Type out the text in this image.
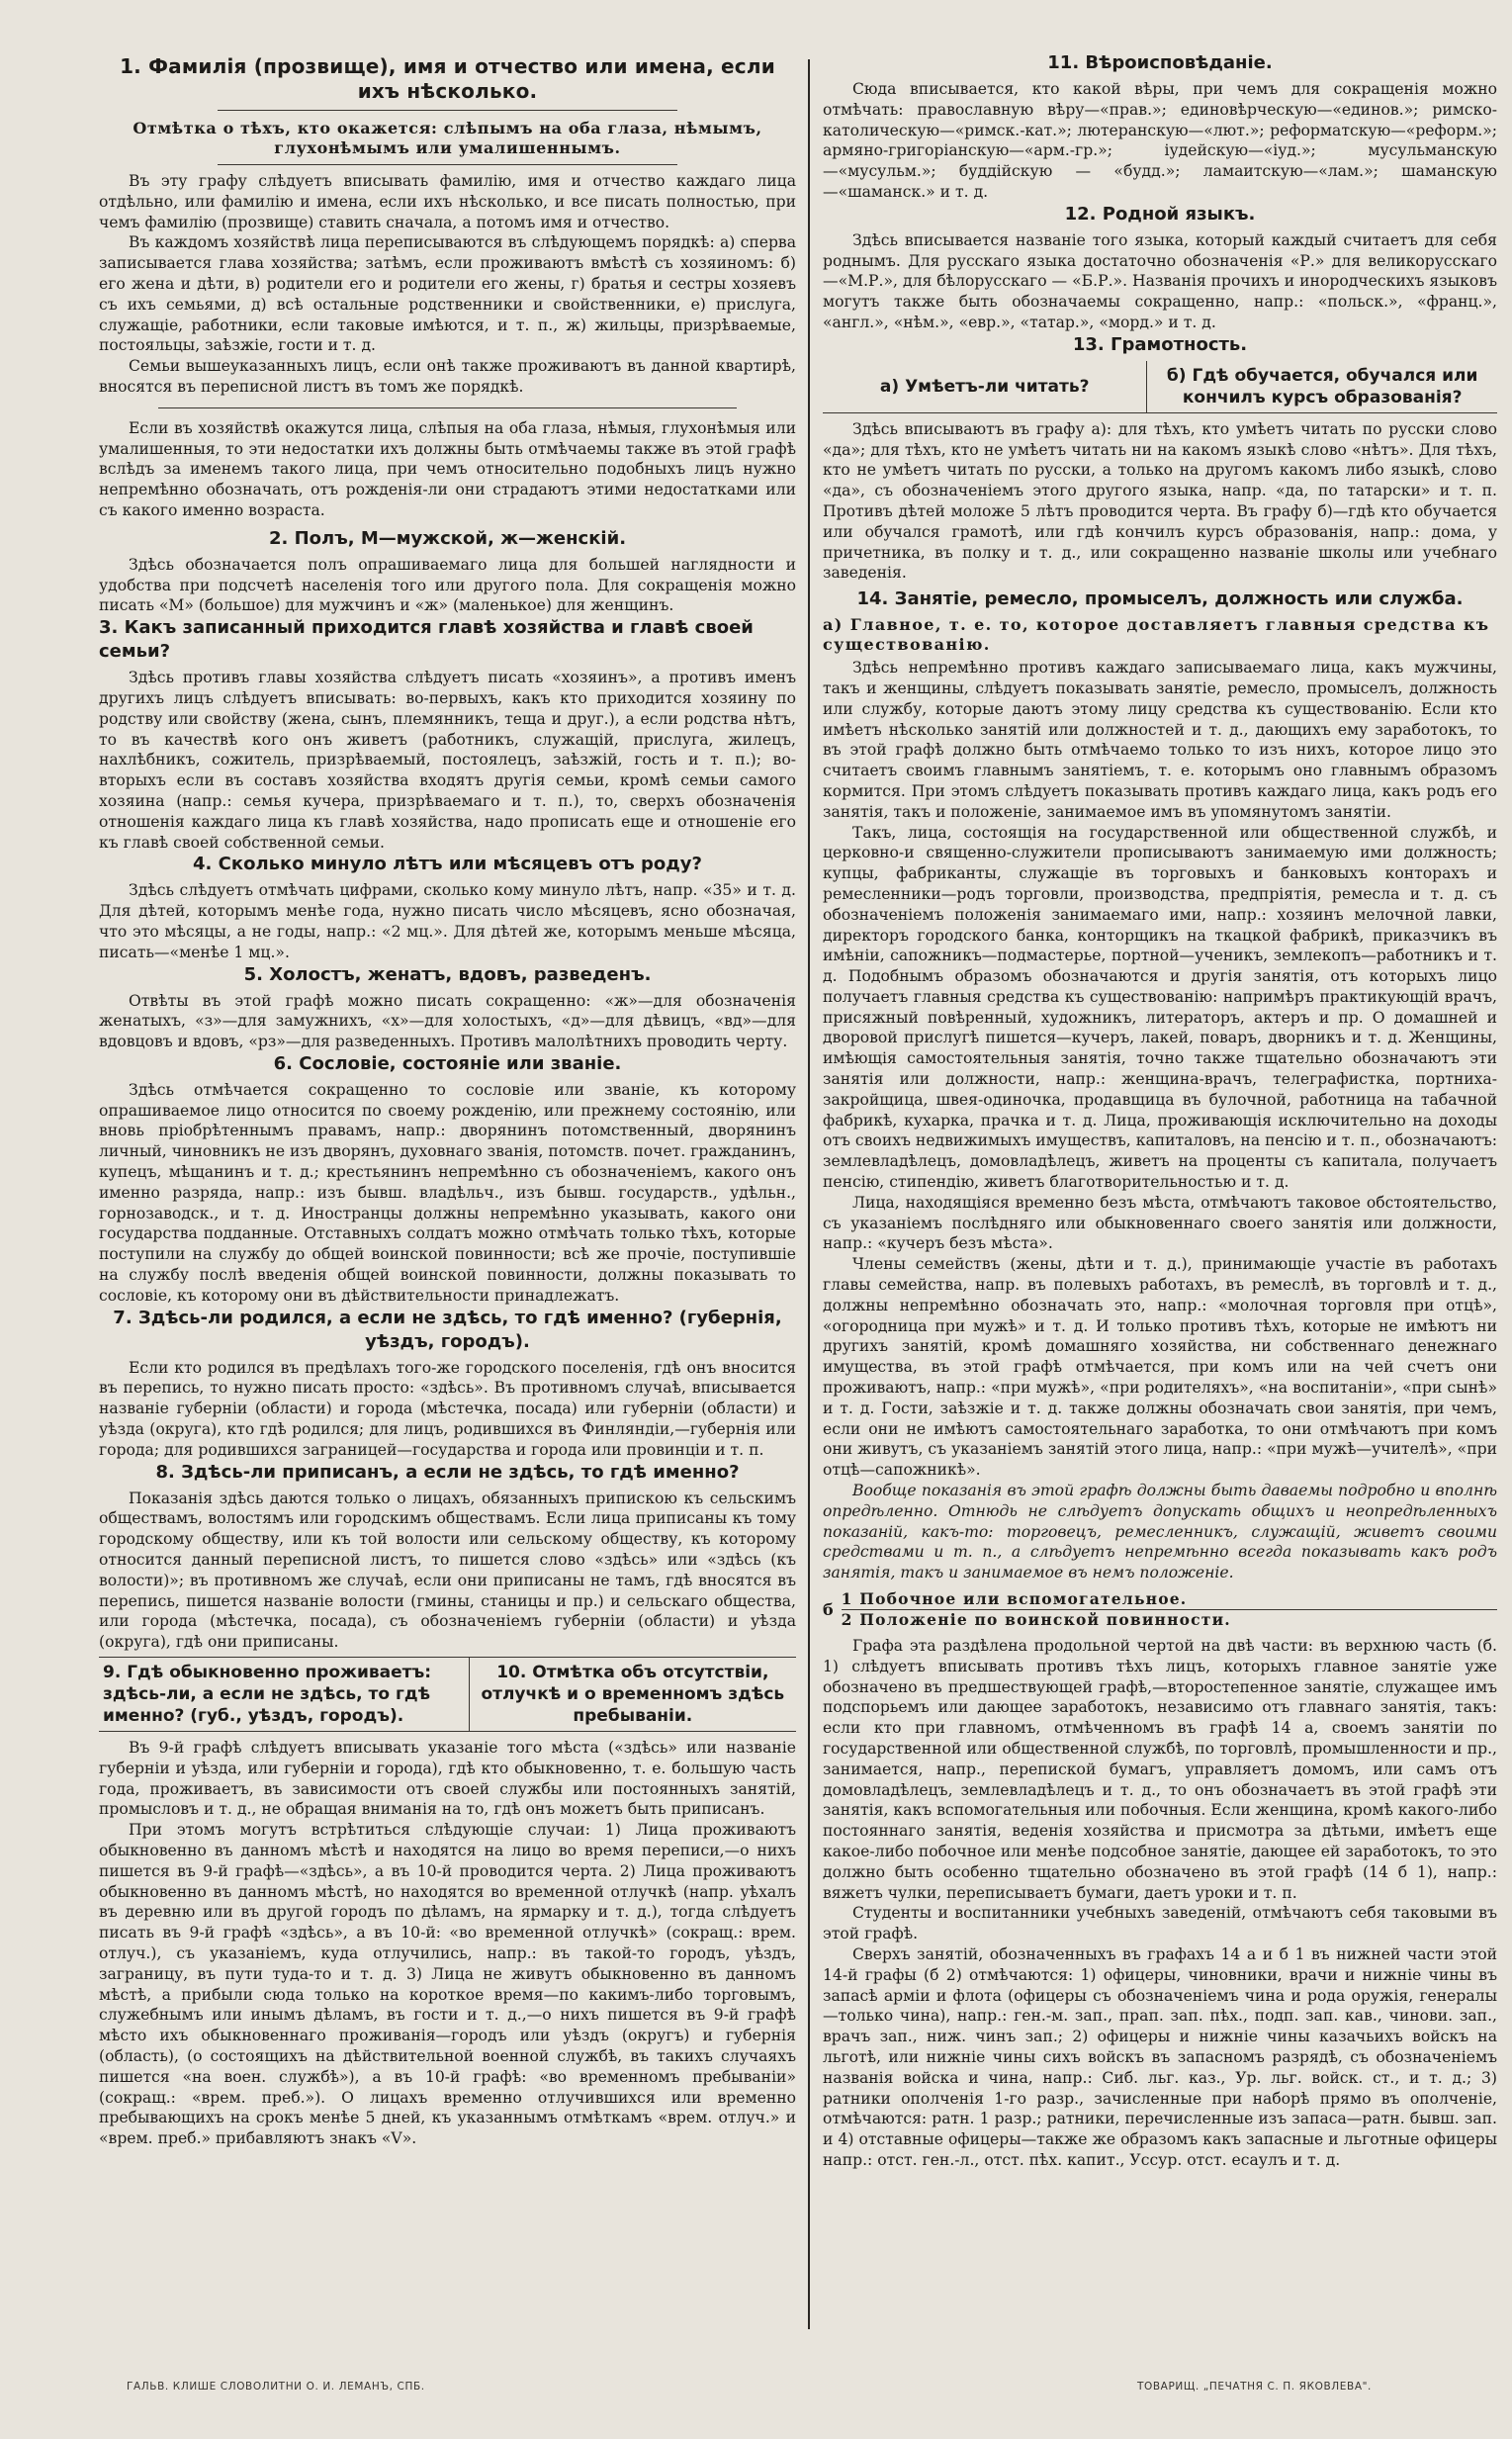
1. Фамилія (прозвище), имя и отчество или имена, если ихъ нѣсколько.
Отмѣтка о тѣхъ, кто окажется: слѣпымъ на оба глаза, нѣмымъ, глухонѣмымъ или умалишеннымъ.

Въ эту графу слѣдуетъ вписывать фамилію, имя и отчество каждаго лица отдѣльно, или фамилію и имена, если ихъ нѣсколько, и все писать полностью, при чемъ фамилію (прозвище) ставить сначала, а потомъ имя и отчество.

Въ каждомъ хозяйствѣ лица переписываются въ слѣдующемъ порядкѣ: а) сперва записывается глава хозяйства; затѣмъ, если проживаютъ вмѣстѣ съ хозяиномъ: б) его жена и дѣти, в) родители его и родители его жены, г) братья и сестры хозяевъ съ ихъ семьями, д) всѣ остальные родственники и свойственники, е) прислуга, служащіе, работники, если таковые имѣются, и т. п., ж) жильцы, призрѣваемые, постояльцы, заѣзжіе, гости и т. д.

Семьи вышеуказанныхъ лицъ, если онѣ также проживаютъ въ данной квартирѣ, вносятся въ переписной листъ въ томъ же порядкѣ.

Если въ хозяйствѣ окажутся лица, слѣпыя на оба глаза, нѣмыя, глухонѣмыя или умалишенныя, то эти недостатки ихъ должны быть отмѣчаемы также въ этой графѣ вслѣдъ за именемъ такого лица, при чемъ относительно подобныхъ лицъ нужно непремѣнно обозначать, отъ рожденія-ли они страдаютъ этими недостатками или съ какого именно возраста.

2. Полъ, М—мужской, ж—женскій.

Здѣсь обозначается полъ опрашиваемаго лица для большей наглядности и удобства при подсчетѣ населенія того или другого пола. Для сокращенія можно писать «М» (большое) для мужчинъ и «ж» (маленькое) для женщинъ.

3. Какъ записанный приходится главѣ хозяйства и главѣ своей семьи?

Здѣсь противъ главы хозяйства слѣдуетъ писать «хозяинъ», а противъ именъ другихъ лицъ слѣдуетъ вписывать: во-первыхъ, какъ кто приходится хозяину по родству или свойству (жена, сынъ, племянникъ, теща и друг.), а если родства нѣтъ, то въ качествѣ кого онъ живетъ (работникъ, служащій, прислуга, жилецъ, нахлѣбникъ, сожитель, призрѣваемый, постоялецъ, заѣзжій, гость и т. п.); во-вторыхъ если въ составъ хозяйства входятъ другія семьи, кромѣ семьи самого хозяина (напр.: семья кучера, призрѣваемаго и т. п.), то, сверхъ обозначенія отношенія каждаго лица къ главѣ хозяйства, надо прописать еще и отношеніе его къ главѣ своей собственной семьи.

4. Сколько минуло лѣтъ или мѣсяцевъ отъ роду?

Здѣсь слѣдуетъ отмѣчать цифрами, сколько кому минуло лѣтъ, напр. «35» и т. д. Для дѣтей, которымъ менѣе года, нужно писать число мѣсяцевъ, ясно обозначая, что это мѣсяцы, а не годы, напр.: «2 мц.». Для дѣтей же, которымъ меньше мѣсяца, писать—«менѣе 1 мц.».

5. Холостъ, женатъ, вдовъ, разведенъ.

Отвѣты въ этой графѣ можно писать сокращенно: «ж»—для обозначенія женатыхъ, «з»—для замужнихъ, «х»—для холостыхъ, «д»—для дѣвицъ, «вд»—для вдовцовъ и вдовъ, «рз»—для разведенныхъ. Противъ малолѣтнихъ проводить черту.

6. Сословіе, состояніе или званіе.

Здѣсь отмѣчается сокращенно то сословіе или званіе, къ которому опрашиваемое лицо относится по своему рожденію, или прежнему состоянію, или вновь пріобрѣтеннымъ правамъ, напр.: дворянинъ потомственный, дворянинъ личный, чиновникъ не изъ дворянъ, духовнаго званія, потомств. почет. гражданинъ, купецъ, мѣщанинъ и т. д.; крестьянинъ непремѣнно съ обозначеніемъ, какого онъ именно разряда, напр.: изъ бывш. владѣльч., изъ бывш. государств., удѣльн., горнозаводск., и т. д. Иностранцы должны непремѣнно указывать, какого они государства подданные. Отставныхъ солдатъ можно отмѣчать только тѣхъ, которые поступили на службу до общей воинской повинности; всѣ же прочіе, поступившіе на службу послѣ введенія общей воинской повинности, должны показывать то сословіе, къ которому они въ дѣйствительности принадлежатъ.

7. Здѣсь-ли родился, а если не здѣсь, то гдѣ именно? (губернія, уѣздъ, городъ).

Если кто родился въ предѣлахъ того-же городского поселенія, гдѣ онъ вносится въ перепись, то нужно писать просто: «здѣсь». Въ противномъ случаѣ, вписывается названіе губерніи (области) и города (мѣстечка, посада) или губерніи (области) и уѣзда (округа), кто гдѣ родился; для лицъ, родившихся въ Финляндіи,—губернія или города; для родившихся заграницей—государства и города или провинціи и т. п.

8. Здѣсь-ли приписанъ, а если не здѣсь, то гдѣ именно?

Показанія здѣсь даются только о лицахъ, обязанныхъ припискою къ сельскимъ обществамъ, волостямъ или городскимъ обществамъ. Если лица приписаны къ тому городскому обществу, или къ той волости или сельскому обществу, къ которому относится данный переписной листъ, то пишется слово «здѣсь» или «здѣсь (къ волости)»; въ противномъ же случаѣ, если они приписаны не тамъ, гдѣ вносятся въ перепись, пишется названіе волости (гмины, станицы и пр.) и сельскаго общества, или города (мѣстечка, посада), съ обозначеніемъ губерніи (области) и уѣзда (округа), гдѣ они приписаны.

9. Гдѣ обыкновенно проживаетъ: здѣсь-ли, а если не здѣсь, то гдѣ именно? (губ., уѣздъ, городъ).
10. Отмѣтка объ отсутствіи, отлучкѣ и о временномъ здѣсь пребываніи.

Въ 9-й графѣ слѣдуетъ вписывать указаніе того мѣста («здѣсь» или названіе губерніи и уѣзда, или губерніи и города), гдѣ кто обыкновенно, т. е. большую часть года, проживаетъ, въ зависимости отъ своей службы или постоянныхъ занятій, промысловъ и т. д., не обращая вниманія на то, гдѣ онъ можетъ быть приписанъ.

При этомъ могутъ встрѣтиться слѣдующіе случаи: 1) Лица проживаютъ обыкновенно въ данномъ мѣстѣ и находятся на лицо во время переписи,—о нихъ пишется въ 9-й графѣ—«здѣсь», а въ 10-й проводится черта. 2) Лица проживаютъ обыкновенно въ данномъ мѣстѣ, но находятся во временной отлучкѣ (напр. уѣхалъ въ деревню или въ другой городъ по дѣламъ, на ярмарку и т. д.), тогда слѣдуетъ писать въ 9-й графѣ «здѣсь», а въ 10-й: «во временной отлучкѣ» (сокращ.: врем. отлуч.), съ указаніемъ, куда отлучились, напр.: въ такой-то городъ, уѣздъ, заграницу, въ пути туда-то и т. д. 3) Лица не живутъ обыкновенно въ данномъ мѣстѣ, а прибыли сюда только на короткое время—по какимъ-либо торговымъ, служебнымъ или инымъ дѣламъ, въ гости и т. д.,—о нихъ пишется въ 9-й графѣ мѣсто ихъ обыкновеннаго проживанія—городъ или уѣздъ (округъ) и губернія (область), (о состоящихъ на дѣйствительной военной службѣ, въ такихъ случаяхъ пишется «на воен. службѣ»), а въ 10-й графѣ: «во временномъ пребываніи» (сокращ.: «врем. преб.»). О лицахъ временно отлучившихся или временно пребывающихъ на срокъ менѣе 5 дней, къ указаннымъ отмѣткамъ «врем. отлуч.» и «врем. преб.» прибавляютъ знакъ «V».

11. Вѣроисповѣданіе.

Сюда вписывается, кто какой вѣры, при чемъ для сокращенія можно отмѣчать: православную вѣру—«прав.»; единовѣрческую—«единов.»; римско-католическую—«римск.-кат.»; лютеранскую—«лют.»; реформатскую—«реформ.»; армяно-григоріанскую—«арм.-гр.»; іудейскую—«іуд.»; мусульманскую—«мусульм.»; буддійскую — «будд.»; ламаитскую—«лам.»; шаманскую—«шаманск.» и т. д.

12. Родной языкъ.

Здѣсь вписывается названіе того языка, который каждый считаетъ для себя роднымъ. Для русскаго языка достаточно обозначенія «Р.» для великорусскаго—«М.Р.», для бѣлорусскаго — «Б.Р.». Названія прочихъ и инородческихъ языковъ могутъ также быть обозначаемы сокращенно, напр.: «польск.», «франц.», «англ.», «нѣм.», «евр.», «татар.», «морд.» и т. д.

13. Грамотность.
а) Умѣетъ-ли читать?
б) Гдѣ обучается, обучался или кончилъ курсъ образованія?

Здѣсь вписываютъ въ графу а): для тѣхъ, кто умѣетъ читать по русски слово «да»; для тѣхъ, кто не умѣетъ читать ни на какомъ языкѣ слово «нѣтъ». Для тѣхъ, кто не умѣетъ читать по русски, а только на другомъ какомъ либо языкѣ, слово «да», съ обозначеніемъ этого другого языка, напр. «да, по татарски» и т. п. Противъ дѣтей моложе 5 лѣтъ проводится черта. Въ графу б)—гдѣ кто обучается или обучался грамотѣ, или гдѣ кончилъ курсъ образованія, напр.: дома, у причетника, въ полку и т. д., или сокращенно названіе школы или учебнаго заведенія.

14. Занятіе, ремесло, промыселъ, должность или служба.
а) Главное, т. е. то, которое доставляетъ главныя средства къ существованію.

Здѣсь непремѣнно противъ каждаго записываемаго лица, какъ мужчины, такъ и женщины, слѣдуетъ показывать занятіе, ремесло, промыселъ, должность или службу, которые даютъ этому лицу средства къ существованію. Если кто имѣетъ нѣсколько занятій или должностей и т. д., дающихъ ему заработокъ, то въ этой графѣ должно быть отмѣчаемо только то изъ нихъ, которое лицо это считаетъ своимъ главнымъ занятіемъ, т. е. которымъ оно главнымъ образомъ кормится. При этомъ слѣдуетъ показывать противъ каждаго лица, какъ родъ его занятія, такъ и положеніе, занимаемое имъ въ упомянутомъ занятіи.

Такъ, лица, состоящія на государственной или общественной службѣ, и церковно-и священно-служители прописываютъ занимаемую ими должность; купцы, фабриканты, служащіе въ торговыхъ и банковыхъ конторахъ и ремесленники—родъ торговли, производства, предпріятія, ремесла и т. д. съ обозначеніемъ положенія занимаемаго ими, напр.: хозяинъ мелочной лавки, директоръ городского банка, конторщикъ на ткацкой фабрикѣ, приказчикъ въ имѣніи, сапожникъ—подмастерье, портной—ученикъ, землекопъ—работникъ и т. д. Подобнымъ образомъ обозначаются и другія занятія, отъ которыхъ лицо получаетъ главныя средства къ существованію: напримѣръ практикующій врачъ, присяжный повѣренный, художникъ, литераторъ, актеръ и пр. О домашней и дворовой прислугѣ пишется—кучеръ, лакей, поваръ, дворникъ и т. д. Женщины, имѣющія самостоятельныя занятія, точно также тщательно обозначаютъ эти занятія или должности, напр.: женщина-врачъ, телеграфистка, портниха-закройщица, швея-одиночка, продавщица въ булочной, работница на табачной фабрикѣ, кухарка, прачка и т. д. Лица, проживающія исключительно на доходы отъ своихъ недвижимыхъ имуществъ, капиталовъ, на пенсію и т. п., обозначаютъ: землевладѣлецъ, домовладѣлецъ, живетъ на проценты съ капитала, получаетъ пенсію, стипендію, живетъ благотворительностью и т. д.

Лица, находящіяся временно безъ мѣста, отмѣчаютъ таковое обстоятельство, съ указаніемъ послѣдняго или обыкновеннаго своего занятія или должности, напр.: «кучеръ безъ мѣста».

Члены семействъ (жены, дѣти и т. д.), принимающіе участіе въ работахъ главы семейства, напр. въ полевыхъ работахъ, въ ремеслѣ, въ торговлѣ и т. д., должны непремѣнно обозначать это, напр.: «молочная торговля при отцѣ», «огородница при мужѣ» и т. д. И только противъ тѣхъ, которые не имѣютъ ни другихъ занятій, кромѣ домашняго хозяйства, ни собственнаго денежнаго имущества, въ этой графѣ отмѣчается, при комъ или на чей счетъ они проживаютъ, напр.: «при мужѣ», «при родителяхъ», «на воспитаніи», «при сынѣ» и т. д. Гости, заѣзжіе и т. д. также должны обозначать свои занятія, при чемъ, если они не имѣютъ самостоятельнаго заработка, то они отмѣчаютъ при комъ они живутъ, съ указаніемъ занятій этого лица, напр.: «при мужѣ—учителѣ», «при отцѣ—сапожникѣ».

Вообще показанія въ этой графѣ должны быть даваемы подробно и вполнѣ опредѣленно. Отнюдь не слѣдуетъ допускать общихъ и неопредѣленныхъ показаній, какъ-то: торговецъ, ремесленникъ, служащій, живетъ своими средствами и т. п., а слѣдуетъ непремѣнно всегда показывать какъ родъ занятія, такъ и занимаемое въ немъ положеніе.

б
1 Побочное или вспомогательное.
2 Положеніе по воинской повинности.

Графа эта раздѣлена продольной чертой на двѣ части: въ верхнюю часть (б. 1) слѣдуетъ вписывать противъ тѣхъ лицъ, которыхъ главное занятіе уже обозначено въ предшествующей графѣ,—второстепенное занятіе, служащее имъ подспорьемъ или дающее заработокъ, независимо отъ главнаго занятія, такъ: если кто при главномъ, отмѣченномъ въ графѣ 14 а, своемъ занятіи по государственной или общественной службѣ, по торговлѣ, промышленности и пр., занимается, напр., перепиской бумагъ, управляетъ домомъ, или самъ отъ домовладѣлецъ, землевладѣлецъ и т. д., то онъ обозначаетъ въ этой графѣ эти занятія, какъ вспомогательныя или побочныя. Если женщина, кромѣ какого-либо постояннаго занятія, веденія хозяйства и присмотра за дѣтьми, имѣетъ еще какое-либо побочное или менѣе подсобное занятіе, дающее ей заработокъ, то это должно быть особенно тщательно обозначено въ этой графѣ (14 б 1), напр.: вяжетъ чулки, переписываетъ бумаги, даетъ уроки и т. п.

Студенты и воспитанники учебныхъ заведеній, отмѣчаютъ себя таковыми въ этой графѣ.

Сверхъ занятій, обозначенныхъ въ графахъ 14 а и б 1 въ нижней части этой 14-й графы (б 2) отмѣчаются: 1) офицеры, чиновники, врачи и нижніе чины въ запасѣ арміи и флота (офицеры съ обозначеніемъ чина и рода оружія, генералы—только чина), напр.: ген.-м. зап., прап. зап. пѣх., подп. зап. кав., чинови. зап., врачъ зап., ниж. чинъ зап.; 2) офицеры и нижніе чины казачьихъ войскъ на льготѣ, или нижніе чины сихъ войскъ въ запасномъ разрядѣ, съ обозначеніемъ названія войска и чина, напр.: Сиб. льг. каз., Ур. льг. войск. ст., и т. д.; 3) ратники ополченія 1-го разр., зачисленные при наборѣ прямо въ ополченіе, отмѣчаются: ратн. 1 разр.; ратники, перечисленные изъ запаса—ратн. бывш. зап. и 4) отставные офицеры—также же образомъ какъ запасные и льготные офицеры напр.: отст. ген.-л., отст. пѣх. капит., Уссур. отст. есаулъ и т. д.

ГАЛЬВ. КЛИШЕ СЛОВОЛИТНИ О. И. ЛЕМАНЪ, СПБ.	ТОВАРИЩ. „ПЕЧАТНЯ С. П. ЯКОВЛЕВА".
